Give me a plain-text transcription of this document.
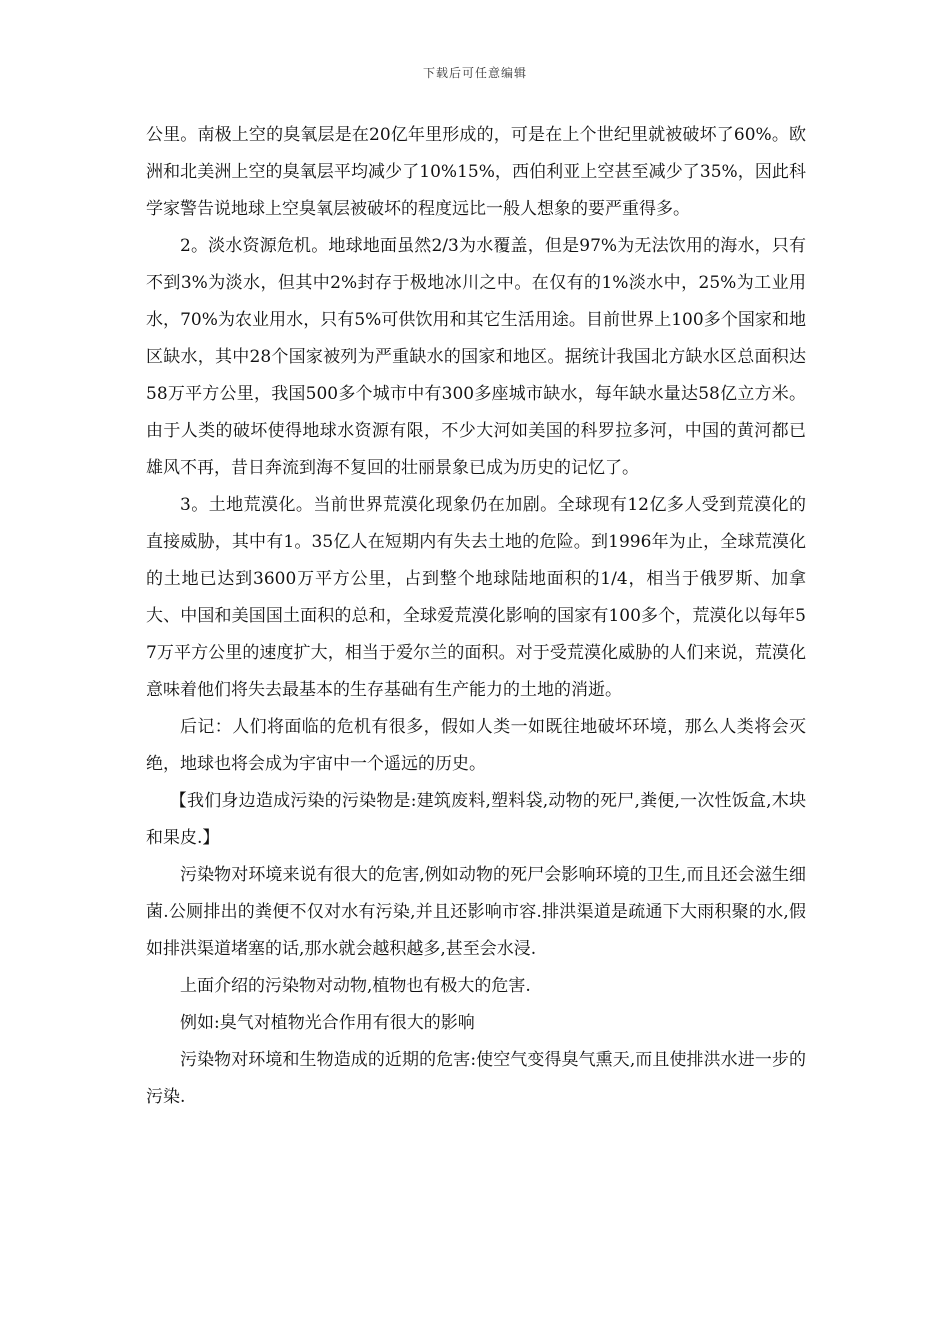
下载后可任意编辑

公里。南极上空的臭氧层是在20亿年里形成的，可是在上个世纪里就被破坏了60%。欧洲和北美洲上空的臭氧层平均减少了10%15%，西伯利亚上空甚至减少了35%，因此科学家警告说地球上空臭氧层被破坏的程度远比一般人想象的要严重得多。

2。淡水资源危机。地球地面虽然2/3为水覆盖，但是97%为无法饮用的海水，只有不到3%为淡水，但其中2%封存于极地冰川之中。在仅有的1%淡水中，25%为工业用水，70%为农业用水，只有5%可供饮用和其它生活用途。目前世界上100多个国家和地区缺水，其中28个国家被列为严重缺水的国家和地区。据统计我国北方缺水区总面积达58万平方公里，我国500多个城市中有300多座城市缺水，每年缺水量达58亿立方米。由于人类的破坏使得地球水资源有限，不少大河如美国的科罗拉多河，中国的黄河都已雄风不再，昔日奔流到海不复回的壮丽景象已成为历史的记忆了。

3。土地荒漠化。当前世界荒漠化现象仍在加剧。全球现有12亿多人受到荒漠化的直接威胁，其中有1。35亿人在短期内有失去土地的危险。到1996年为止，全球荒漠化的土地已达到3600万平方公里，占到整个地球陆地面积的1/4，相当于俄罗斯、加拿大、中国和美国国土面积的总和，全球爱荒漠化影响的国家有100多个，荒漠化以每年57万平方公里的速度扩大，相当于爱尔兰的面积。对于受荒漠化威胁的人们来说，荒漠化意味着他们将失去最基本的生存基础有生产能力的土地的消逝。

后记：人们将面临的危机有很多，假如人类一如既往地破坏环境，那么人类将会灭绝，地球也将会成为宇宙中一个遥远的历史。

【我们身边造成污染的污染物是:建筑废料,塑料袋,动物的死尸,粪便,一次性饭盒,木块和果皮.】

污染物对环境来说有很大的危害,例如动物的死尸会影响环境的卫生,而且还会滋生细菌.公厕排出的粪便不仅对水有污染,并且还影响市容.排洪渠道是疏通下大雨积聚的水,假如排洪渠道堵塞的话,那水就会越积越多,甚至会水浸.

上面介绍的污染物对动物,植物也有极大的危害.

例如:臭气对植物光合作用有很大的影响

污染物对环境和生物造成的近期的危害:使空气变得臭气熏天,而且使排洪水进一步的污染.
